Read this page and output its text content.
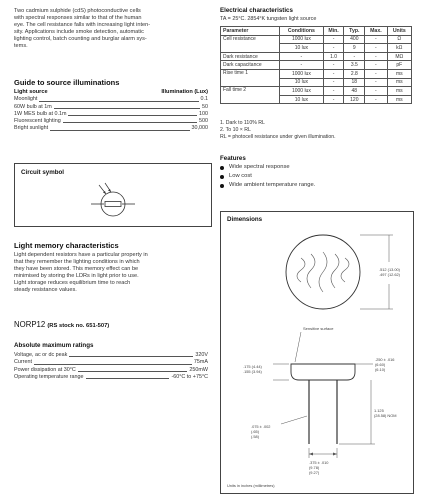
Two cadmium sulphide (cdS) photoconductive cells
with spectral responses similar to that of the human
eye. The cell resistance falls with increasing light inten-
sity. Applications include smoke detection, automatic
lighting control, batch counting and burglar alarm sys-
tems.
Guide to source illuminations
Light source	Illumination (Lux)
Moonlight	0.1
60W bulb at 1m	50
1W MES bulb at 0.1m	100
Fluorescent lighting	500
Bright sunlight	30,000
Circuit symbol
Light memory characteristics
Light dependent resistors have a particular property in
that they remember the lighting conditions in which
they have been stored. This memory effect can be
minimised by storing the LDRs in light prior to use.
Light storage reduces equilibrium time to reach
steady resistance values.
NORP12 (RS stock no. 651-507)
Absolute maximum ratings
Voltage, ac or dc peak	320V
Current	75mA
Power dissipation at 30°C	250mW
Operating temperature range	-60°C to +75°C
Electrical characteristics
TA = 25°C. 2854°K tungsten light source
Parameter	Conditions	Min.	Typ.	Max.	Units
Cell resistance	1000 lux	-	400	-	Ω
	10 lux	-	9	-	kΩ
Dark resistance	-	1.0	-	-	MΩ
Dark capacitance	-	-	3.5	-	pF
Rise time 1	1000 lux	-	2.8	-	ms
	10 lux	-	18	-	ms
Fall time 2	1000 lux	-	48	-	ms
	10 lux	-	120	-	ms
1. Dark to 110% RL
2. To 10 × RL
RL = photocell resistance under given illumination.
Features
Wide spectral response
Low cost
Wide ambient temperature range.
Dimensions
.512 (13.00)
.497 (12.62)
Sensitive surface
.175 (4.44)
.155 (3.94)
.250 ± .016
(6.60)
(6.10)
.075 ± .002
(.65)
(.58)
1.125
(28.58) NOM
.375 ± .010
(9.78)
(9.27)
Units in inches (millimetres)
